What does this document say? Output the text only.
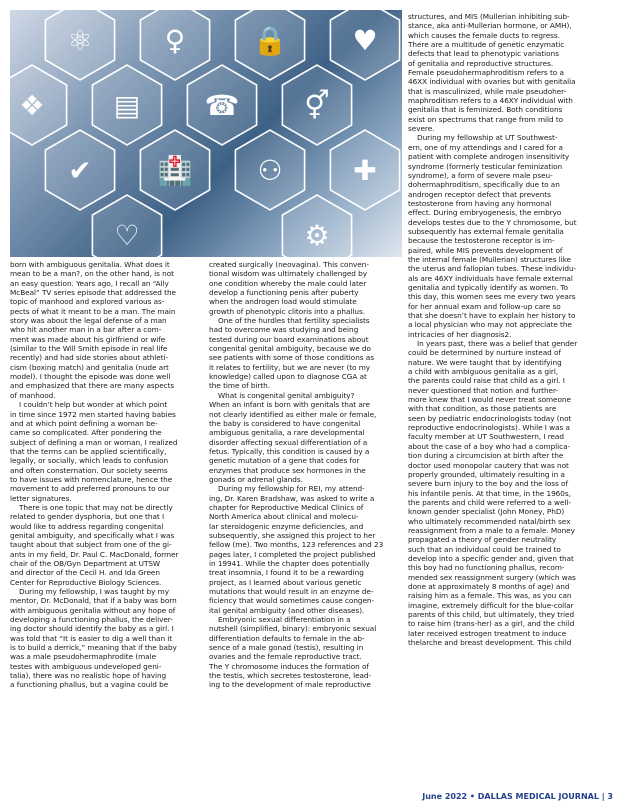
⚛	♀ 🔒 ♥
❖ ▤ ☎ ⚥
✔ 🏥 ⚇	✚
♡	⚙
born with ambiguous genitalia. What does it
mean to be a man?, on the other hand, is not
an easy question. Years ago, I recall an “Ally
McBeal” TV series episode that addressed the
topic of manhood and explored various as-
pects of what it meant to be a man. The main
story was about the legal defense of a man
who hit another man in a bar after a com-
ment was made about his girlfriend or wife
(similar to the Will Smith episode in real life
recently) and had side stories about athleti-
cism (boxing match) and genitalia (nude art
model). I thought the episode was done well
and emphasized that there are many aspects
of manhood.
I couldn’t help but wonder at which point
in time since 1972 men started having babies
and at which point defining a woman be-
came so complicated. After pondering the
subject of defining a man or woman, I realized
that the terms can be applied scientifically,
legally, or socially, which leads to confusion
and often consternation. Our society seems
to have issues with nomenclature, hence the
movement to add preferred pronouns to our
letter signatures.
There is one topic that may not be directly
related to gender dysphoria, but one that I
would like to address regarding congenital
genital ambiguity, and specifically what I was
taught about that subject from one of the gi-
ants in my field, Dr. Paul C. MacDonald, former
chair of the OB/Gyn Department at UTSW
and director of the Cecil H. and Ida Green
Center for Reproductive Biology Sciences.
During my fellowship, I was taught by my
mentor, Dr. McDonald, that if a baby was born
with ambiguous genitalia without any hope of
developing a functioning phallus, the deliver-
ing doctor should identify the baby as a girl. I
was told that “It is easier to dig a well than it
is to build a derrick,” meaning that if the baby
was a male pseudohermaphrodite (male
testes with ambiguous undeveloped geni-
talia), there was no realistic hope of having
a functioning phallus, but a vagina could be
created surgically (neovagina). This conven-
tional wisdom was ultimately challenged by
one condition whereby the male could later
develop a functioning penis after puberty
when the androgen load would stimulate
growth of phenotypic clitoris into a phallus.
One of the hurdles that fertility specialists
had to overcome was studying and being
tested during our board examinations about
congenital genital ambiguity, because we do
see patients with some of those conditions as
it relates to fertility, but we are never (to my
knowledge) called upon to diagnose CGA at
the time of birth.
What is congenital genital ambiguity?
When an infant is born with genitals that are
not clearly identified as either male or female,
the baby is considered to have congenital
ambiguous genitalia, a rare developmental
disorder affecting sexual differentiation of a
fetus. Typically, this condition is caused by a
genetic mutation of a gene that codes for
enzymes that produce sex hormones in the
gonads or adrenal glands.
During my fellowship for REI, my attend-
ing, Dr. Karen Bradshaw, was asked to write a
chapter for Reproductive Medical Clinics of
North America about clinical and molecu-
lar steroidogenic enzyme deficiencies, and
subsequently, she assigned this project to her
fellow (me). Two months, 123 references and 23
pages later, I completed the project published
in 19941. While the chapter does potentially
treat insomnia, I found it to be a rewarding
project, as I learned about various genetic
mutations that would result in an enzyme de-
ficiency that would sometimes cause congen-
ital genital ambiguity (and other diseases).
Embryonic sexual differentiation in a
nutshell (simplified, binary): embryonic sexual
differentiation defaults to female in the ab-
sence of a male gonad (testis), resulting in
ovaries and the female reproductive tract.
The Y chromosome induces the formation of
the testis, which secretes testosterone, lead-
ing to the development of male reproductive
structures, and MIS (Mullerian inhibiting sub-
stance, aka anti-Mullerian hormone, or AMH),
which causes the female ducts to regress.
There are a multitude of genetic enzymatic
defects that lead to phenotypic variations
of genitalia and reproductive structures.
Female pseudohermaphroditism refers to a
46XX individual with ovaries but with genitalia
that is masculinized, while male pseudoher-
maphroditism refers to a 46XY individual with
genitalia that is feminized. Both conditions
exist on spectrums that range from mild to
severe.
During my fellowship at UT Southwest-
ern, one of my attendings and I cared for a
patient with complete androgen insensitivity
syndrome (formerly testicular feminization
syndrome), a form of severe male pseu-
dohermaphroditism, specifically due to an
androgen receptor defect that prevents
testosterone from having any hormonal
effect. During embryogenesis, the embryo
develops testes due to the Y chromosome, but
subsequently has external female genitalia
because the testosterone receptor is im-
paired, while MIS prevents development of
the internal female (Mullerian) structures like
the uterus and fallopian tubes. These individu-
als are 46XY individuals have female external
genitalia and typically identify as women. To
this day, this women sees me every two years
for her annual exam and follow-up care so
that she doesn’t have to explain her history to
a local physician who may not appreciate the
intricacies of her diagnosis2.
In years past, there was a belief that gender
could be determined by nurture instead of
nature. We were taught that by identifying
a child with ambiguous genitalia as a girl,
the parents could raise that child as a girl. I
never questioned that notion and further-
more knew that I would never treat someone
with that condition, as those patients are
seen by pediatric endocrinologists today (not
reproductive endocrinologists). While I was a
faculty member at UT Southwestern, I read
about the case of a boy who had a complica-
tion during a circumcision at birth after the
doctor used monopolar cautery that was not
properly grounded, ultimately resulting in a
severe burn injury to the boy and the loss of
his infantile penis. At that time, in the 1960s,
the parents and child were referred to a well-
known gender specialist (John Money, PhD)
who ultimately recommended natal/birth sex
reassignment from a male to a female. Money
propagated a theory of gender neutrality
such that an individual could be trained to
develop into a specific gender and, given that
this boy had no functioning phallus, recom-
mended sex reassignment surgery (which was
done at approximately 8 months of age) and
raising him as a female. This was, as you can
imagine, extremely difficult for the blue-collar
parents of this child, but ultimately, they tried
to raise him (trans-her) as a girl, and the child
later received estrogen treatment to induce
thelarche and breast development. This child
June 2022 • DALLAS MEDICAL JOURNAL | 3
